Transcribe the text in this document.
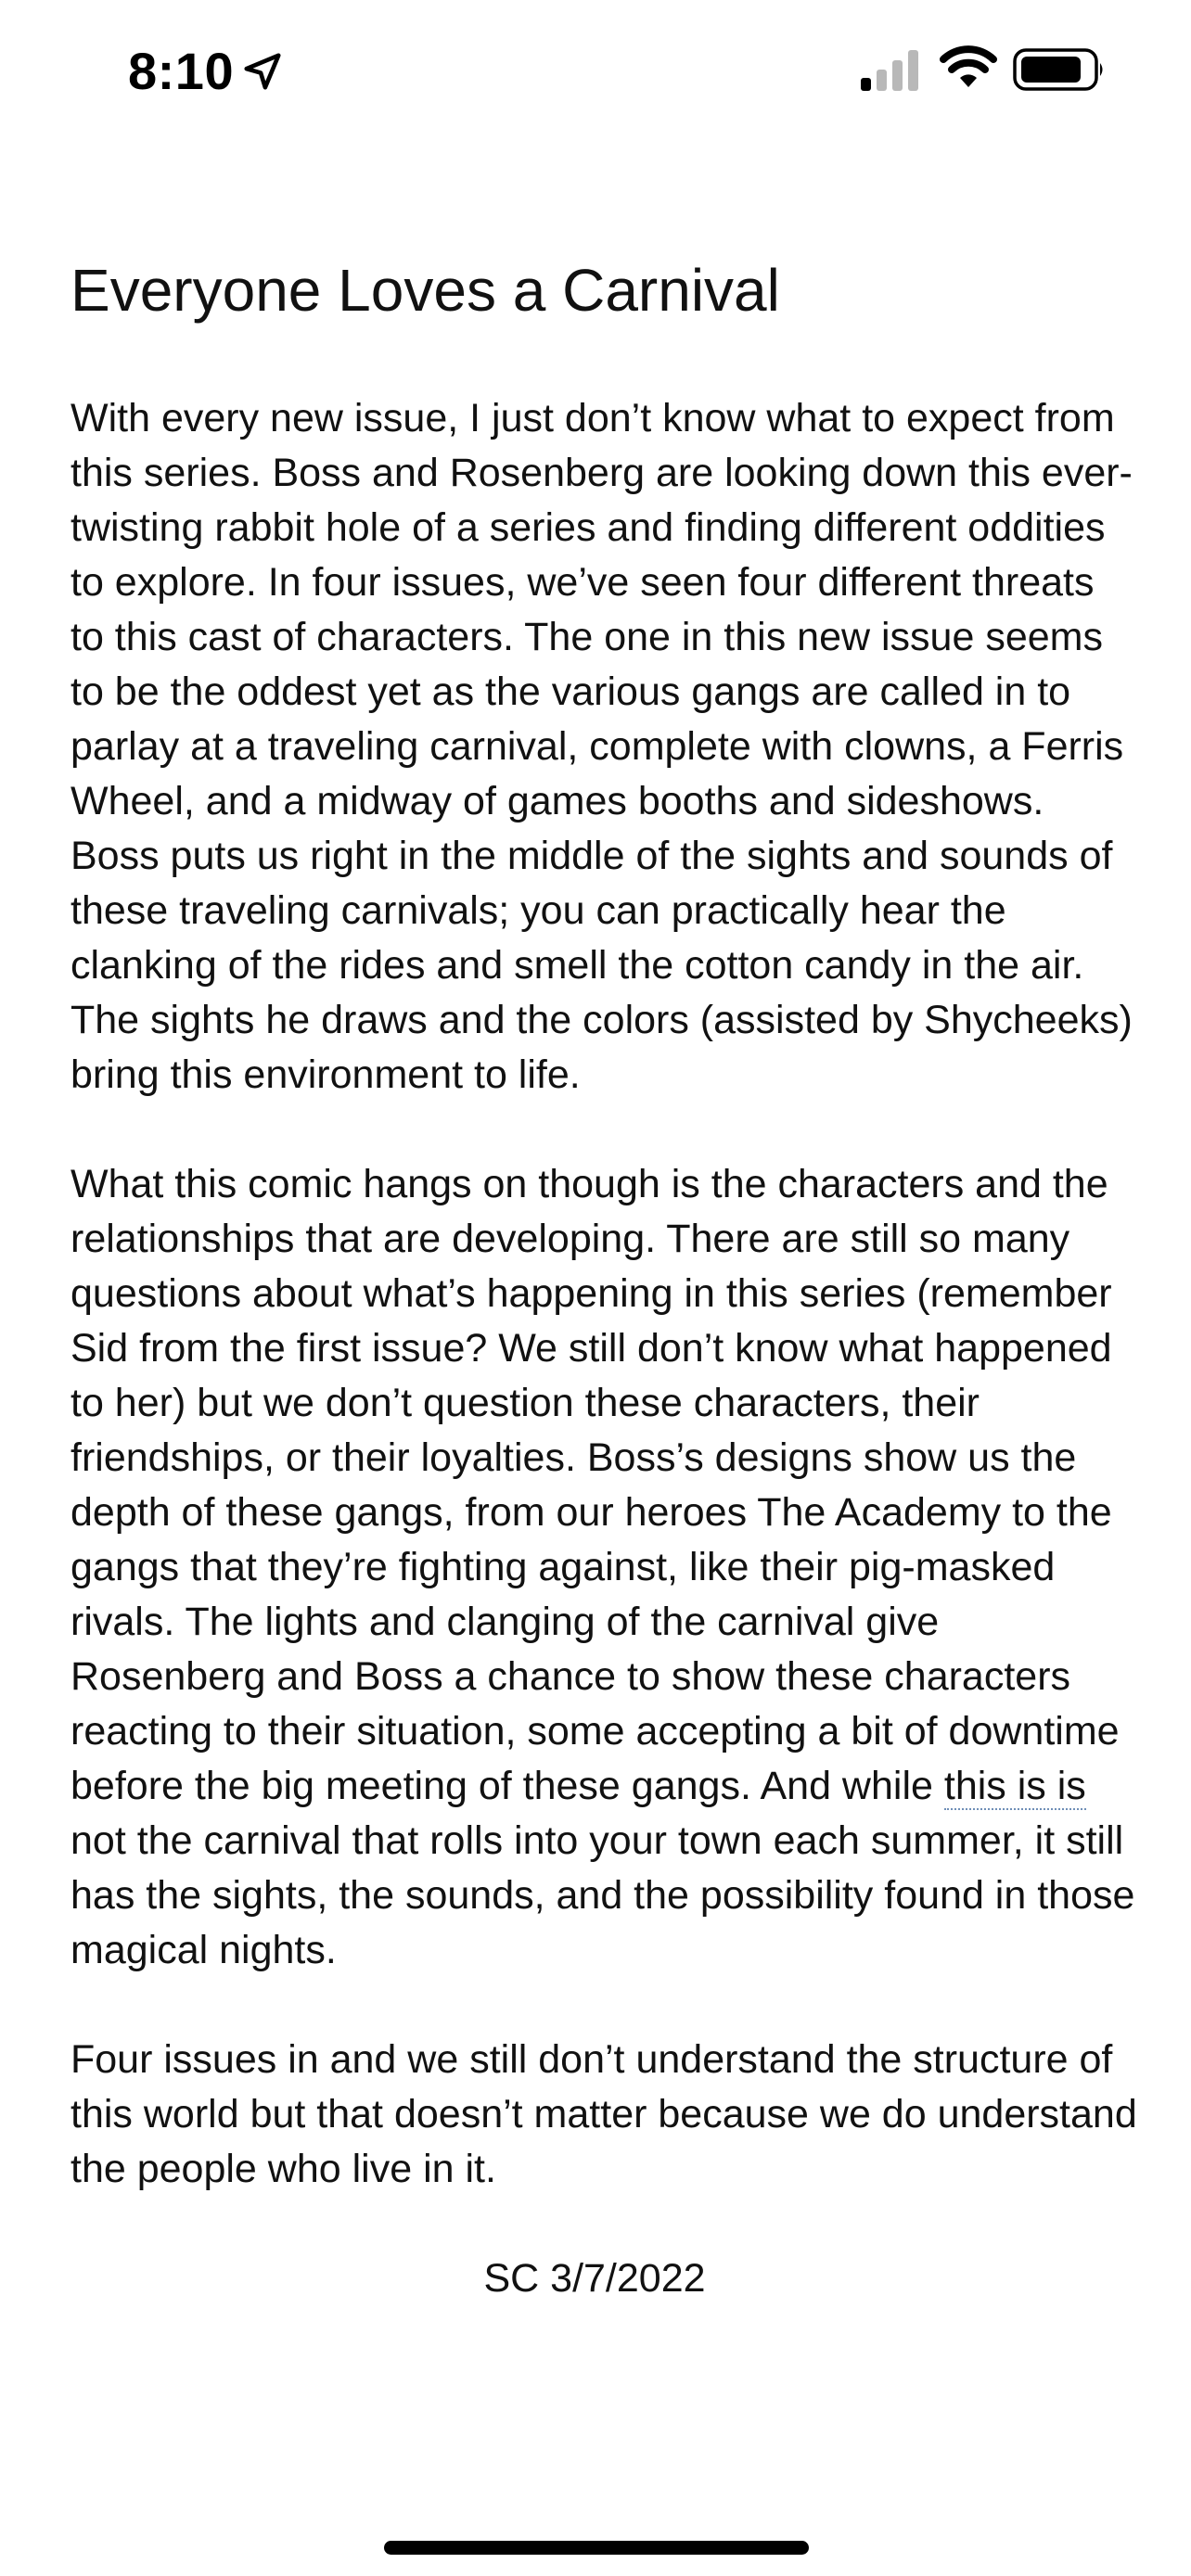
8:10
Everyone Loves a Carnival

With every new issue, I just don’t know what to expect from this series. Boss and Rosenberg are looking down this ever-twisting rabbit hole of a series and finding different oddities to explore. In four issues, we’ve seen four different threats to this cast of characters. The one in this new issue seems to be the oddest yet as the various gangs are called in to parlay at a traveling carnival, complete with clowns, a Ferris Wheel, and a midway of games booths and sideshows. Boss puts us right in the middle of the sights and sounds of these traveling carnivals; you can practically hear the clanking of the rides and smell the cotton candy in the air. The sights he draws and the colors (assisted by Shycheeks) bring this environment to life.

What this comic hangs on though is the characters and the relationships that are developing. There are still so many questions about what’s happening in this series (remember Sid from the first issue? We still don’t know what happened to her) but we don’t question these characters, their friendships, or their loyalties. Boss’s designs show us the depth of these gangs, from our heroes The Academy to the gangs that they’re fighting against, like their pig-masked rivals. The lights and clanging of the carnival give Rosenberg and Boss a chance to show these characters reacting to their situation, some accepting a bit of downtime before the big meeting of these gangs. And while this is is not the carnival that rolls into your town each summer, it still has the sights, the sounds, and the possibility found in those magical nights.

Four issues in and we still don’t understand the structure of this world but that doesn’t matter because we do understand the people who live in it.

SC 3/7/2022
